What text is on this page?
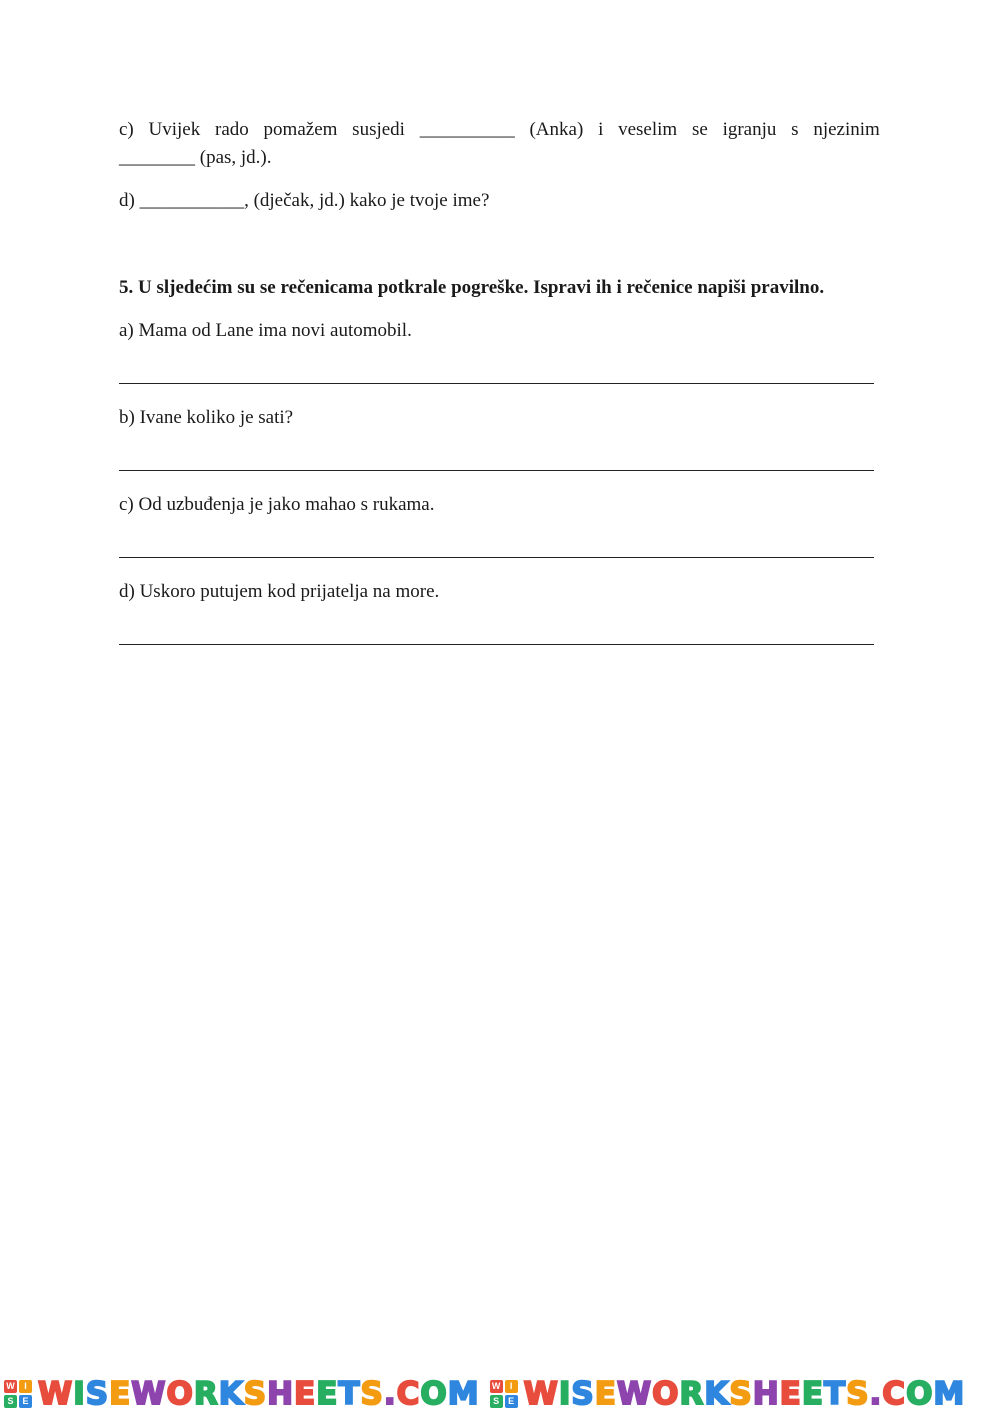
c) Uvijek rado pomažem susjedi __________ (Anka) i veselim se igranju s njezinim
________ (pas, jd.).
d) ___________, (dječak, jd.) kako je tvoje ime?
5. U sljedećim su se rečenicama potkrale pogreške. Ispravi ih i rečenice napiši pravilno.
a) Mama od Lane ima novi automobil.
b) Ivane koliko je sati?
c) Od uzbuđenja je jako mahao s rukama.
d) Uskoro putujem kod prijatelja na more.
W	I
S E W I S E W O R K S H E E T S . C O M W	I
S E W I S E W O R K S H E E T S . C O M
